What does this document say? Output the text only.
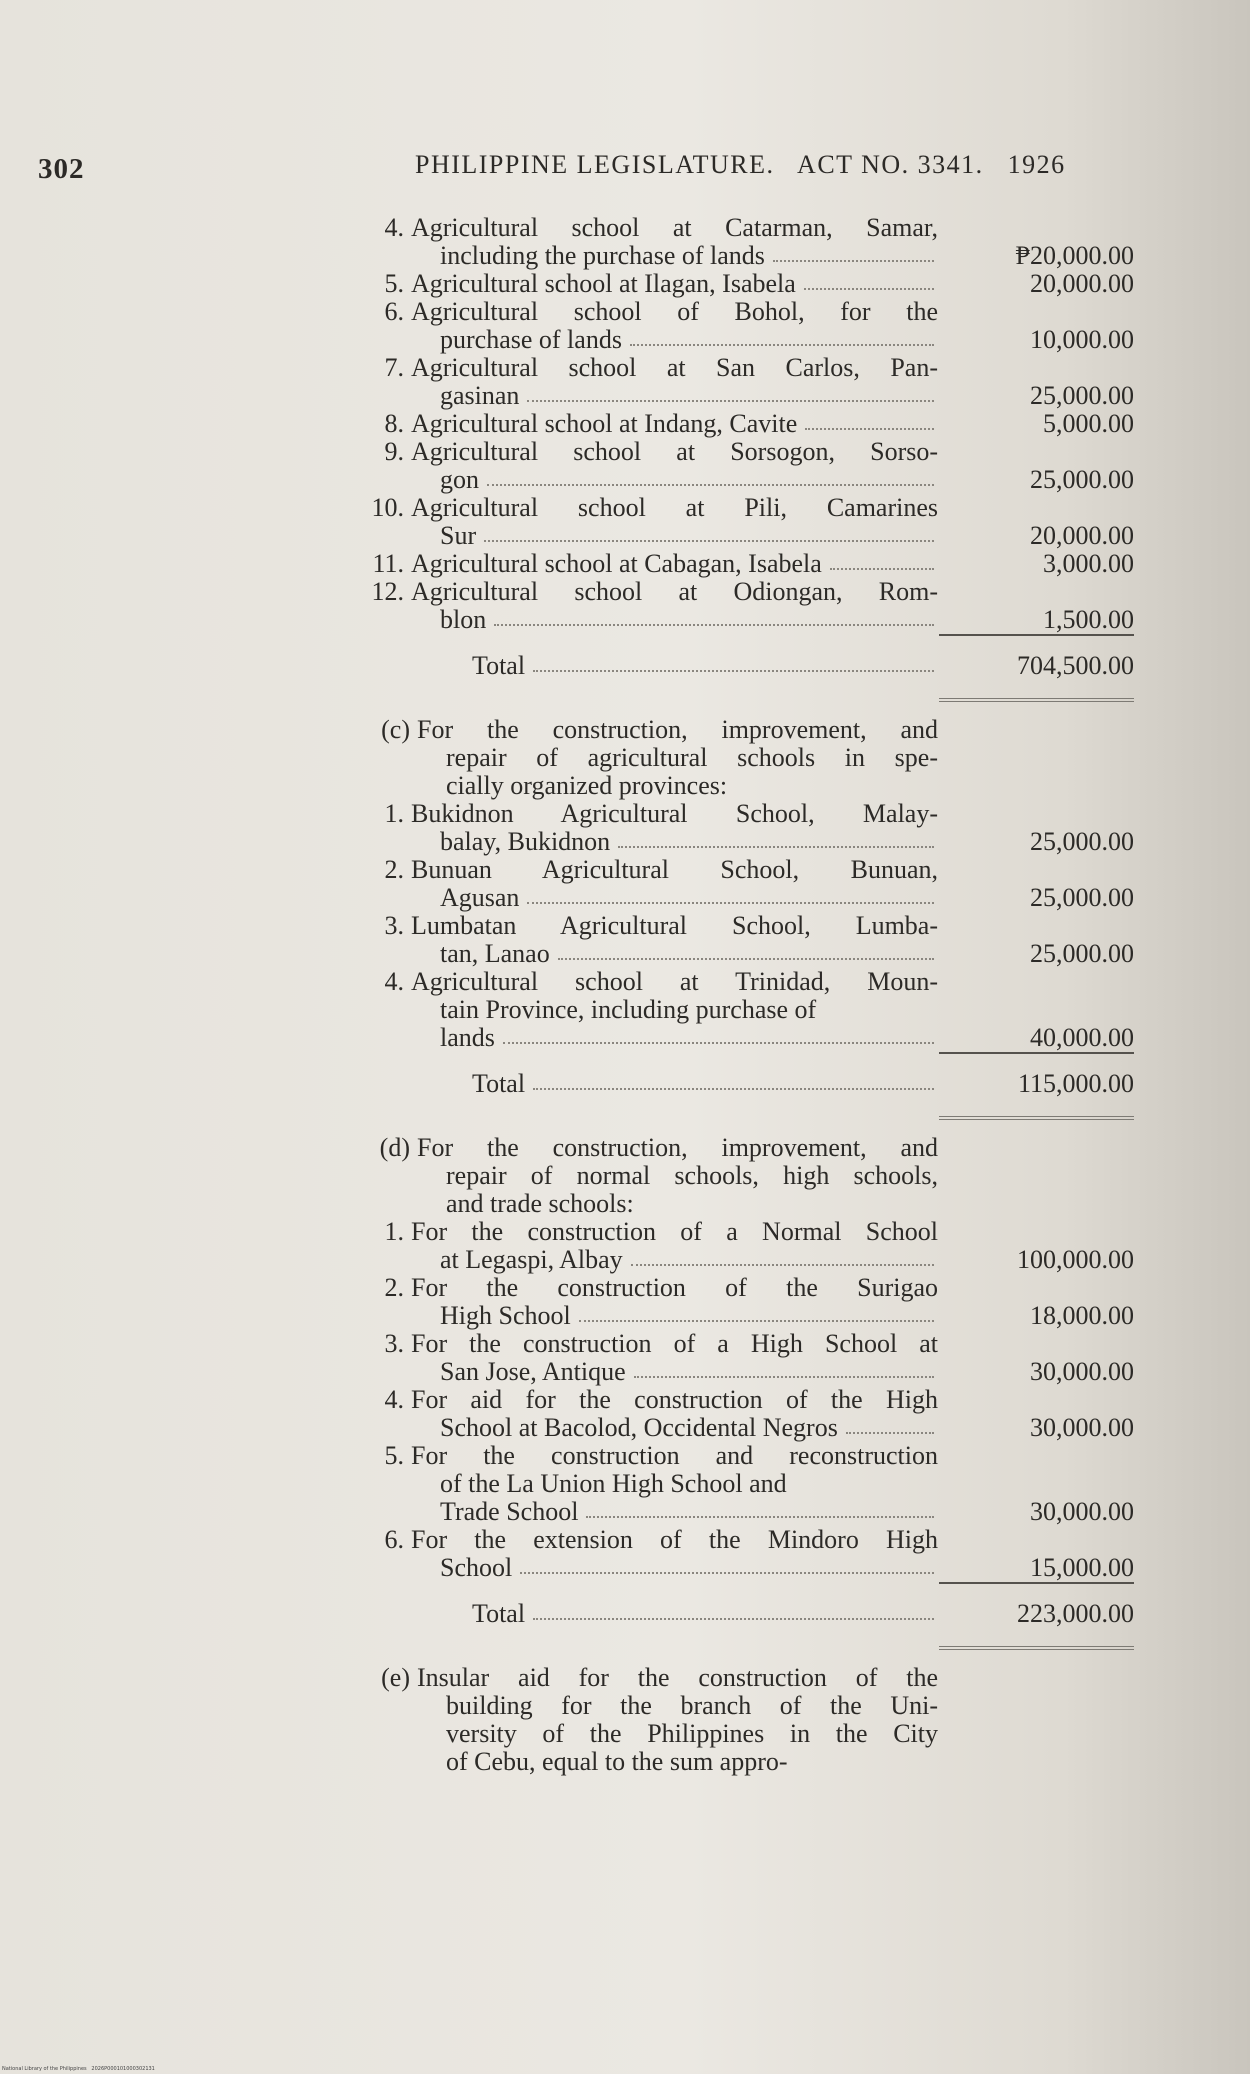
302	PHILIPPINE LEGISLATURE.   ACT NO. 3341.   1926
4. Agricultural school at Catarman, Samar,
including the purchase of lands	₱20,000.00
5. Agricultural school at Ilagan, Isabela	20,000.00
6. Agricultural school of Bohol, for the
purchase of lands	10,000.00
7. Agricultural school at San Carlos, Pan-
gasinan	25,000.00
8. Agricultural school at Indang, Cavite	5,000.00
9. Agricultural school at Sorsogon, Sorso-
gon	25,000.00
10. Agricultural school at Pili, Camarines
Sur	20,000.00
11. Agricultural school at Cabagan, Isabela	3,000.00
12. Agricultural school at Odiongan, Rom-
blon	1,500.00
Total	704,500.00
(c) For the construction, improvement, and
repair of agricultural schools in spe-
cially organized provinces:
1. Bukidnon Agricultural School, Malay-
balay, Bukidnon	25,000.00
2. Bunuan Agricultural School, Bunuan,
Agusan	25,000.00
3. Lumbatan Agricultural School, Lumba-
tan, Lanao	25,000.00
4. Agricultural school at Trinidad, Moun-
tain Province, including purchase of
lands	40,000.00
Total	115,000.00
(d) For the construction, improvement, and
repair of normal schools, high schools,
and trade schools:
1. For the construction of a Normal School
at Legaspi, Albay	100,000.00
2. For the construction of the Surigao
High School	18,000.00
3. For the construction of a High School at
San Jose, Antique	30,000.00
4. For aid for the construction of the High
School at Bacolod, Occidental Negros	30,000.00
5. For the construction and reconstruction
of the La Union High School and
Trade School	30,000.00
6. For the extension of the Mindoro High
School	15,000.00
Total	223,000.00
(e) Insular aid for the construction of the
building for the branch of the Uni-
versity of the Philippines in the City
of Cebu, equal to the sum appro-
National Library of the Philippines   2026P000101000302131
